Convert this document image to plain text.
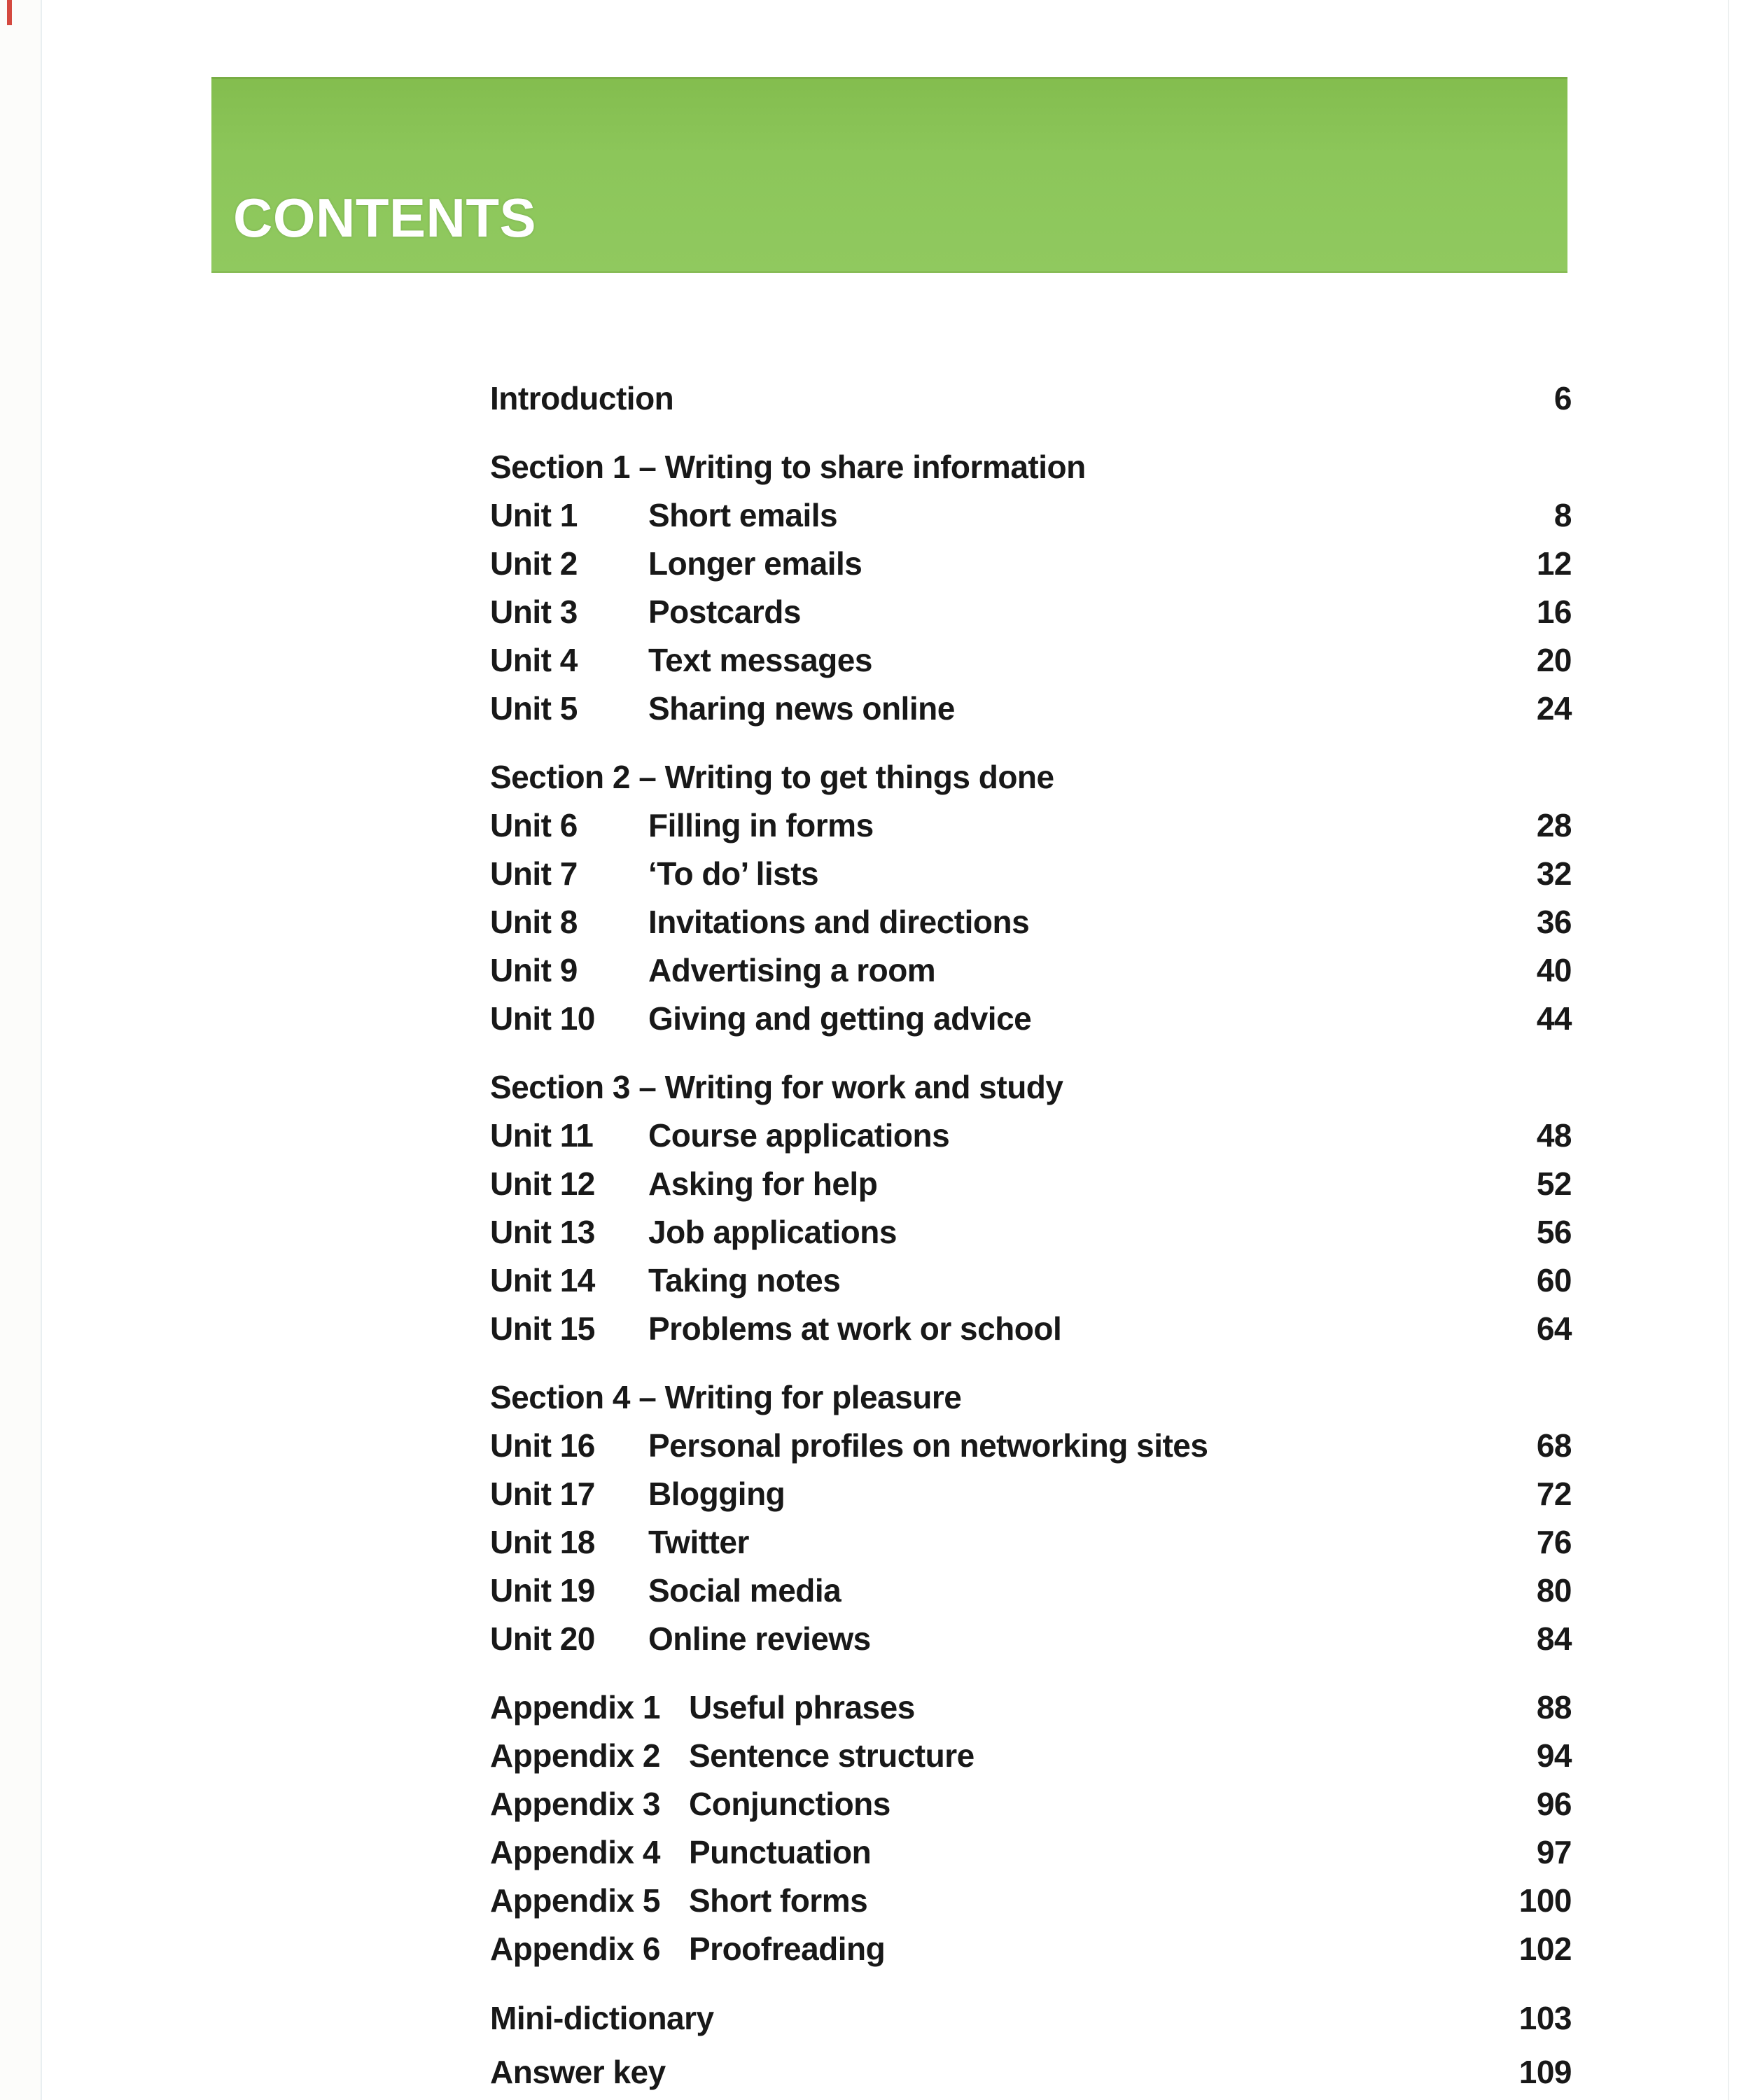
CONTENTS
Introduction	6
Section 1 – Writing to share information
Unit 1	Short emails	8
Unit 2	Longer emails	12
Unit 3	Postcards	16
Unit 4	Text messages	20
Unit 5	Sharing news online	24
Section 2 – Writing to get things done
Unit 6	Filling in forms	28
Unit 7	‘To do’ lists	32
Unit 8	Invitations and directions	36
Unit 9	Advertising a room	40
Unit 10	Giving and getting advice	44
Section 3 – Writing for work and study
Unit 11	Course applications	48
Unit 12	Asking for help	52
Unit 13	Job applications	56
Unit 14	Taking notes	60
Unit 15	Problems at work or school	64
Section 4 – Writing for pleasure
Unit 16	Personal profiles on networking sites	68
Unit 17	Blogging	72
Unit 18	Twitter	76
Unit 19	Social media	80
Unit 20	Online reviews	84
Appendix 1 Useful phrases	88
Appendix 2 Sentence structure	94
Appendix 3 Conjunctions	96
Appendix 4 Punctuation	97
Appendix 5 Short forms	100
Appendix 6 Proofreading	102
Mini-dictionary	103
Answer key	109
